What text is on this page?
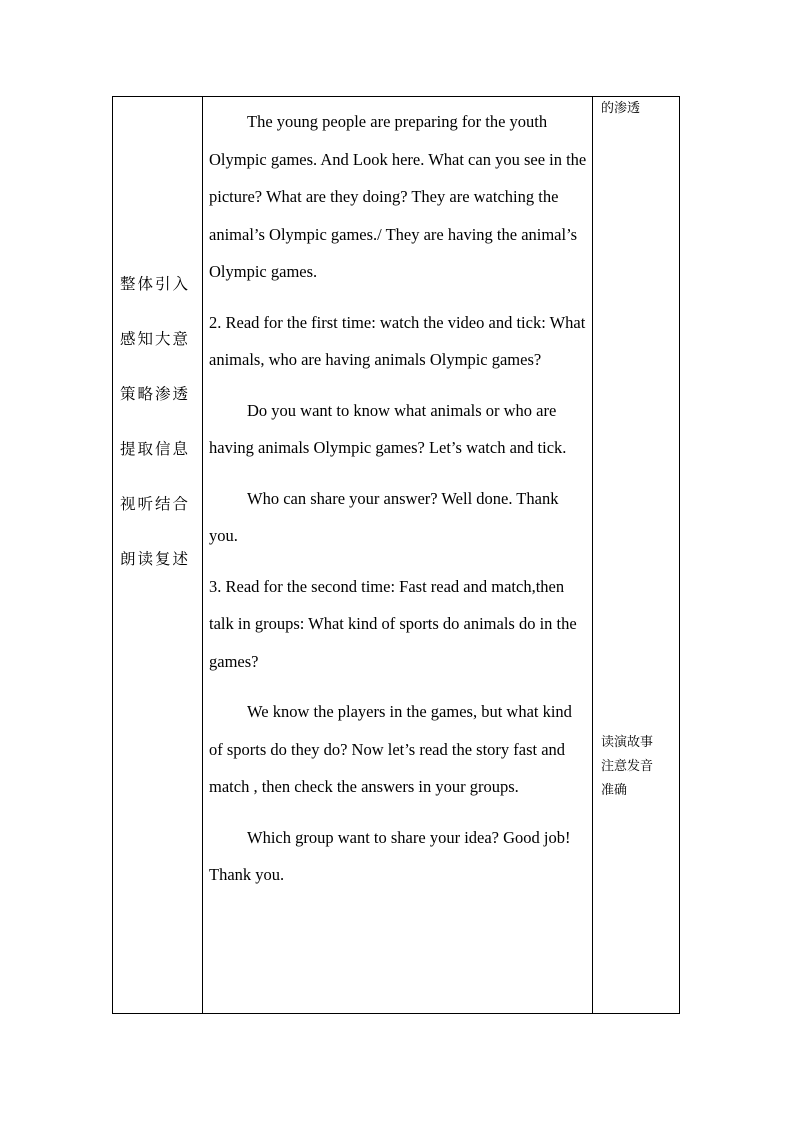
整体引入
感知大意
策略渗透
提取信息
视听结合
朗读复述

The young people are preparing for the youth Olympic games. And Look here. What can you see in the picture? What are they doing? They are watching the animal’s Olympic games./ They are having the animal’s Olympic games.

2. Read for the first time: watch the video and tick: What animals, who are having animals Olympic games?

Do you want to know what animals or who are having animals Olympic games? Let’s watch and tick.

Who can share your answer? Well done. Thank you.

3. Read for the second time: Fast read and match,then talk in groups: What kind of sports do animals do in the games?

We know the players in the games, but what kind of sports do they do? Now let’s read the story fast and match , then check the answers in your groups.

Which group want to share your idea? Good job! Thank you.

的渗透
读演故事
注意发音
准确
